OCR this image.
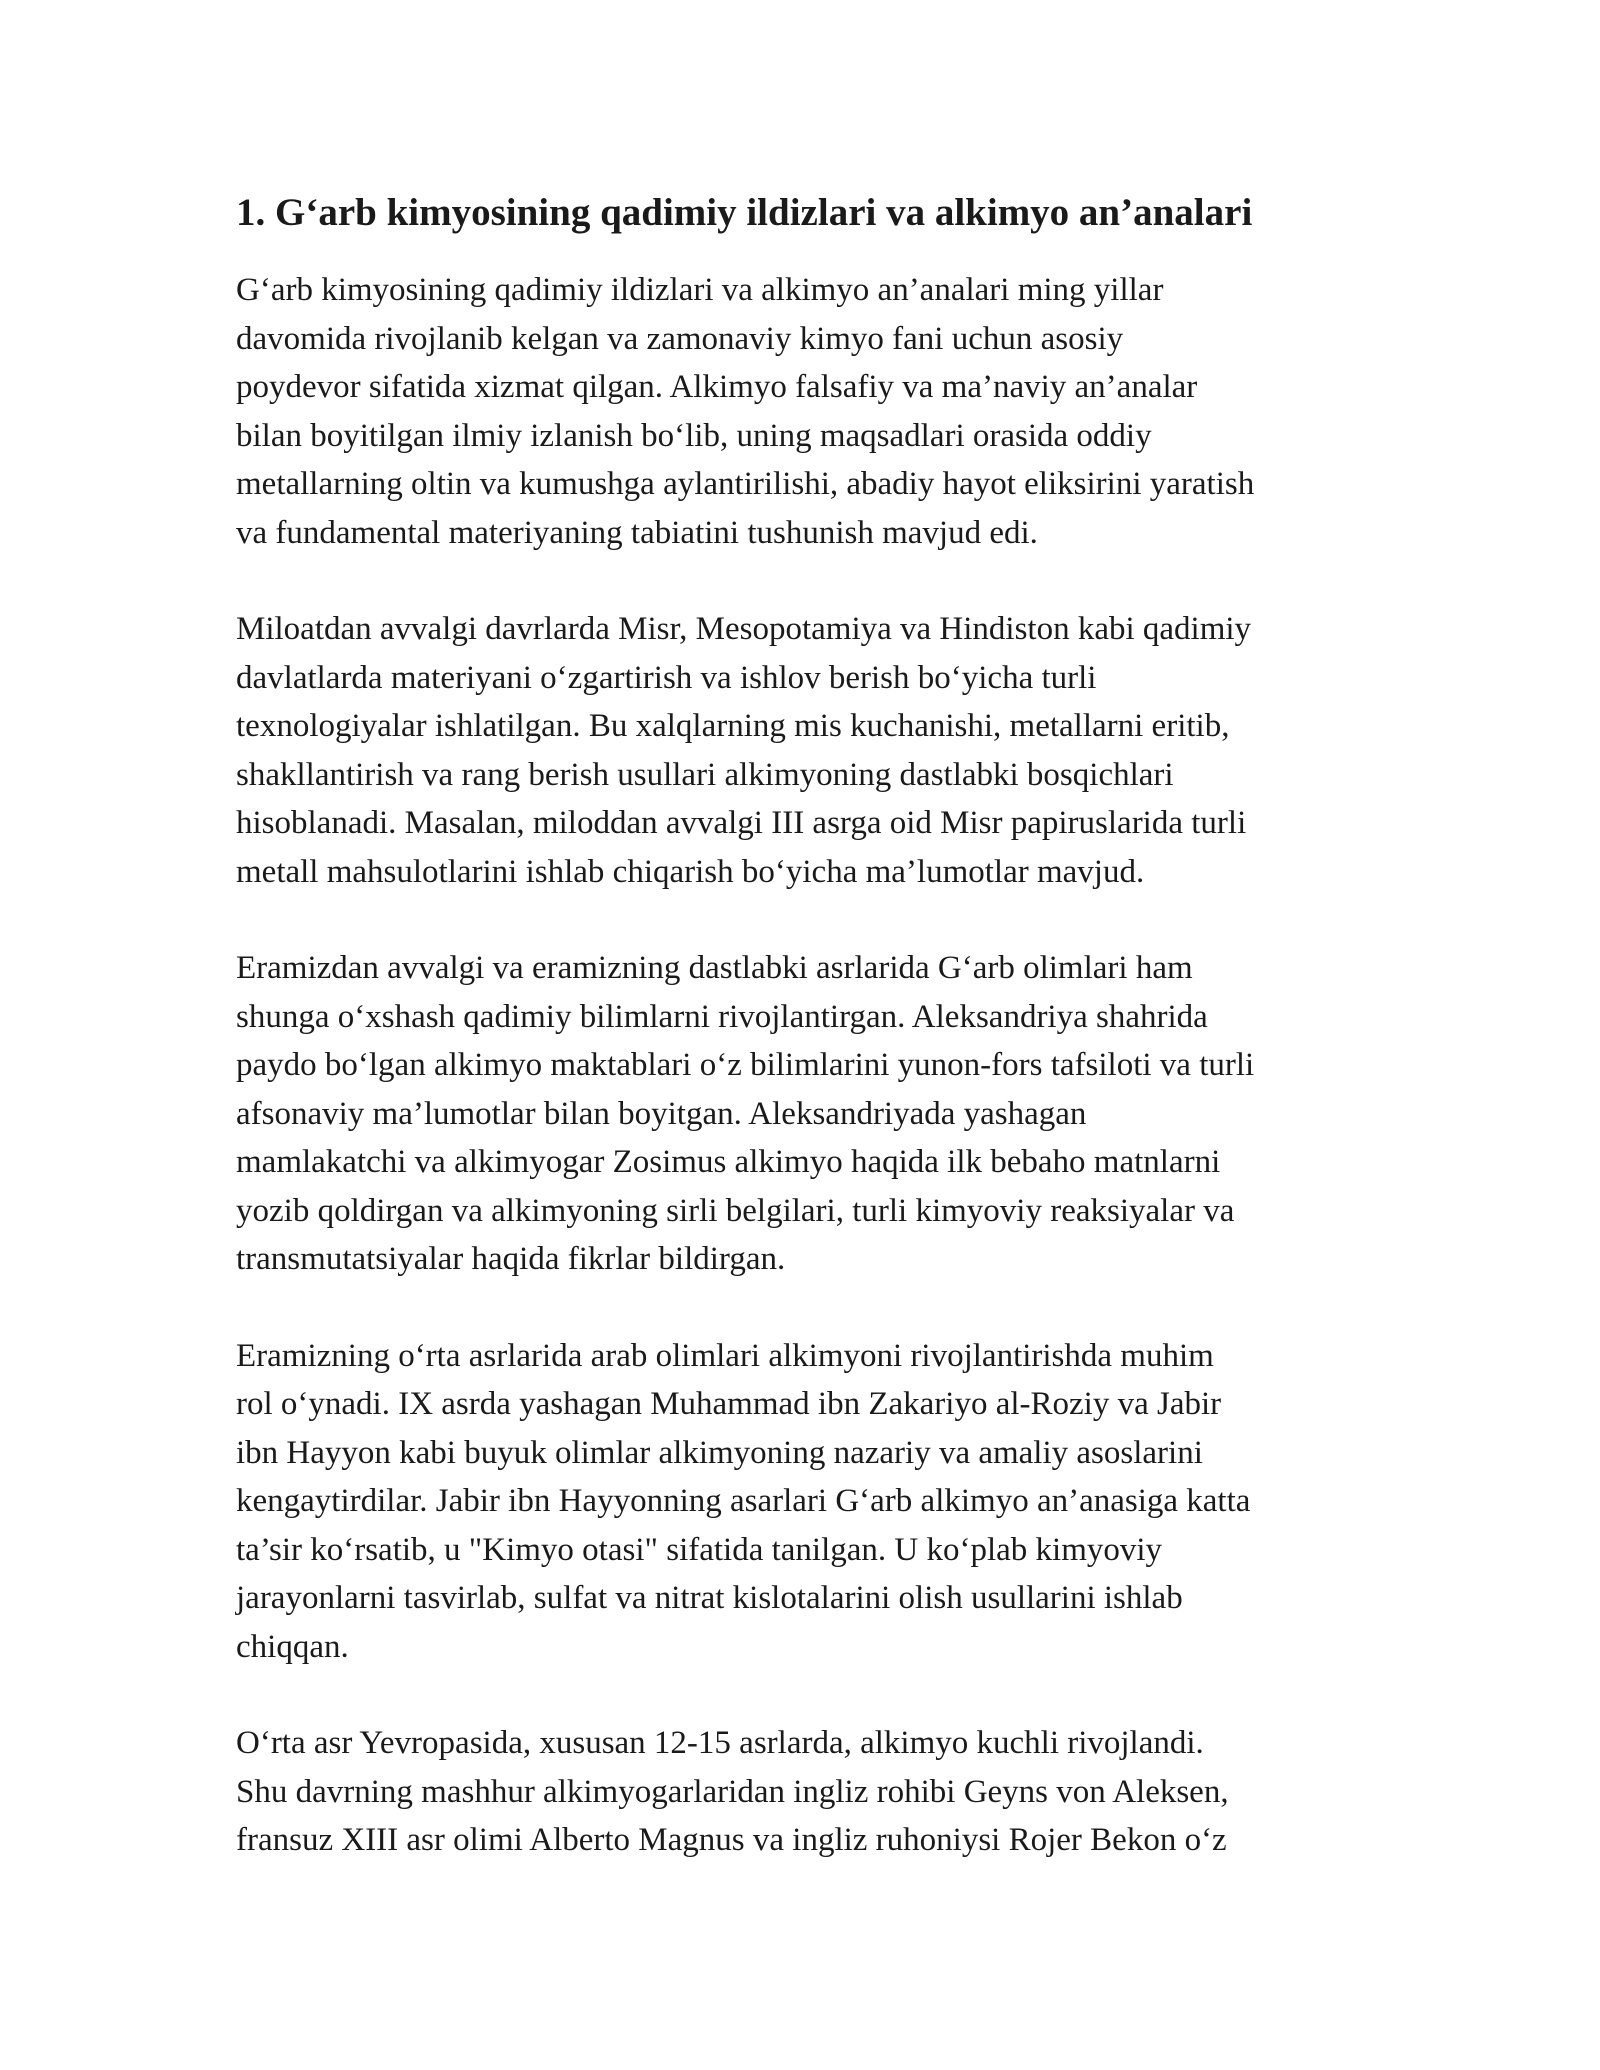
1. G‘arb kimyosining qadimiy ildizlari va alkimyo an’analari

G‘arb kimyosining qadimiy ildizlari va alkimyo an’analari ming yillar
davomida rivojlanib kelgan va zamonaviy kimyo fani uchun asosiy
poydevor sifatida xizmat qilgan. Alkimyo falsafiy va ma’naviy an’analar
bilan boyitilgan ilmiy izlanish bo‘lib, uning maqsadlari orasida oddiy
metallarning oltin va kumushga aylantirilishi, abadiy hayot eliksirini yaratish
va fundamental materiyaning tabiatini tushunish mavjud edi.

Miloatdan avvalgi davrlarda Misr, Mesopotamiya va Hindiston kabi qadimiy
davlatlarda materiyani o‘zgartirish va ishlov berish bo‘yicha turli
texnologiyalar ishlatilgan. Bu xalqlarning mis kuchanishi, metallarni eritib,
shakllantirish va rang berish usullari alkimyoning dastlabki bosqichlari
hisoblanadi. Masalan, miloddan avvalgi III asrga oid Misr papiruslarida turli
metall mahsulotlarini ishlab chiqarish bo‘yicha ma’lumotlar mavjud.

Eramizdan avvalgi va eramizning dastlabki asrlarida G‘arb olimlari ham
shunga o‘xshash qadimiy bilimlarni rivojlantirgan. Aleksandriya shahrida
paydo bo‘lgan alkimyo maktablari o‘z bilimlarini yunon-fors tafsiloti va turli
afsonaviy ma’lumotlar bilan boyitgan. Aleksandriyada yashagan
mamlakatchi va alkimyogar Zosimus alkimyo haqida ilk bebaho matnlarni
yozib qoldirgan va alkimyoning sirli belgilari, turli kimyoviy reaksiyalar va
transmutatsiyalar haqida fikrlar bildirgan.

Eramizning o‘rta asrlarida arab olimlari alkimyoni rivojlantirishda muhim
rol o‘ynadi. IX asrda yashagan Muhammad ibn Zakariyo al-Roziy va Jabir
ibn Hayyon kabi buyuk olimlar alkimyoning nazariy va amaliy asoslarini
kengaytirdilar. Jabir ibn Hayyonning asarlari G‘arb alkimyo an’anasiga katta
ta’sir ko‘rsatib, u "Kimyo otasi" sifatida tanilgan. U ko‘plab kimyoviy
jarayonlarni tasvirlab, sulfat va nitrat kislotalarini olish usullarini ishlab
chiqqan.

O‘rta asr Yevropasida, xususan 12-15 asrlarda, alkimyo kuchli rivojlandi.
Shu davrning mashhur alkimyogarlaridan ingliz rohibi Geyns von Aleksen,
fransuz XIII asr olimi Alberto Magnus va ingliz ruhoniysi Rojer Bekon o‘z
